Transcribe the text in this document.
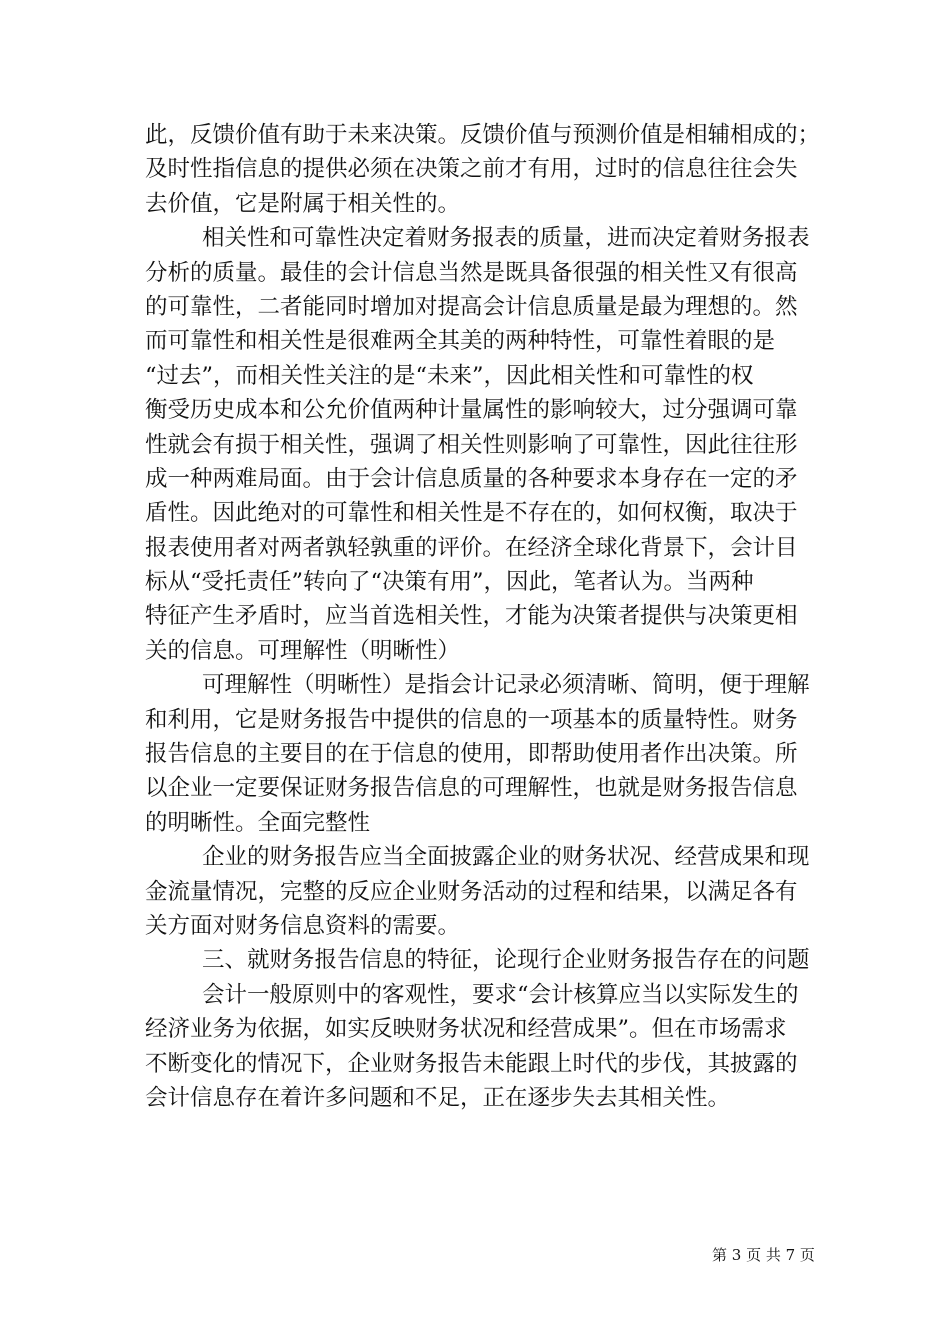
此，反馈价值有助于未来决策。反馈价值与预测价值是相辅相成的；
及时性指信息的提供必须在决策之前才有用，过时的信息往往会失
去价值，它是附属于相关性的。
相关性和可靠性决定着财务报表的质量，进而决定着财务报表
分析的质量。最佳的会计信息当然是既具备很强的相关性又有很高
的可靠性，二者能同时增加对提高会计信息质量是最为理想的。然
而可靠性和相关性是很难两全其美的两种特性，可靠性着眼的是
“过去”，而相关性关注的是“未来”，因此相关性和可靠性的权
衡受历史成本和公允价值两种计量属性的影响较大，过分强调可靠
性就会有损于相关性，强调了相关性则影响了可靠性，因此往往形
成一种两难局面。由于会计信息质量的各种要求本身存在一定的矛
盾性。因此绝对的可靠性和相关性是不存在的，如何权衡，取决于
报表使用者对两者孰轻孰重的评价。在经济全球化背景下，会计目
标从“受托责任”转向了“决策有用”，因此，笔者认为。当两种
特征产生矛盾时，应当首选相关性，才能为决策者提供与决策更相
关的信息。可理解性（明晰性）
可理解性（明晰性）是指会计记录必须清晰、简明，便于理解
和利用，它是财务报告中提供的信息的一项基本的质量特性。财务
报告信息的主要目的在于信息的使用，即帮助使用者作出决策。所
以企业一定要保证财务报告信息的可理解性，也就是财务报告信息
的明晰性。全面完整性
企业的财务报告应当全面披露企业的财务状况、经营成果和现
金流量情况，完整的反应企业财务活动的过程和结果，以满足各有
关方面对财务信息资料的需要。
三、就财务报告信息的特征，论现行企业财务报告存在的问题
会计一般原则中的客观性，要求“会计核算应当以实际发生的
经济业务为依据，如实反映财务状况和经营成果”。但在市场需求
不断变化的情况下，企业财务报告未能跟上时代的步伐，其披露的
会计信息存在着许多问题和不足，正在逐步失去其相关性。
第 3 页 共 7 页
